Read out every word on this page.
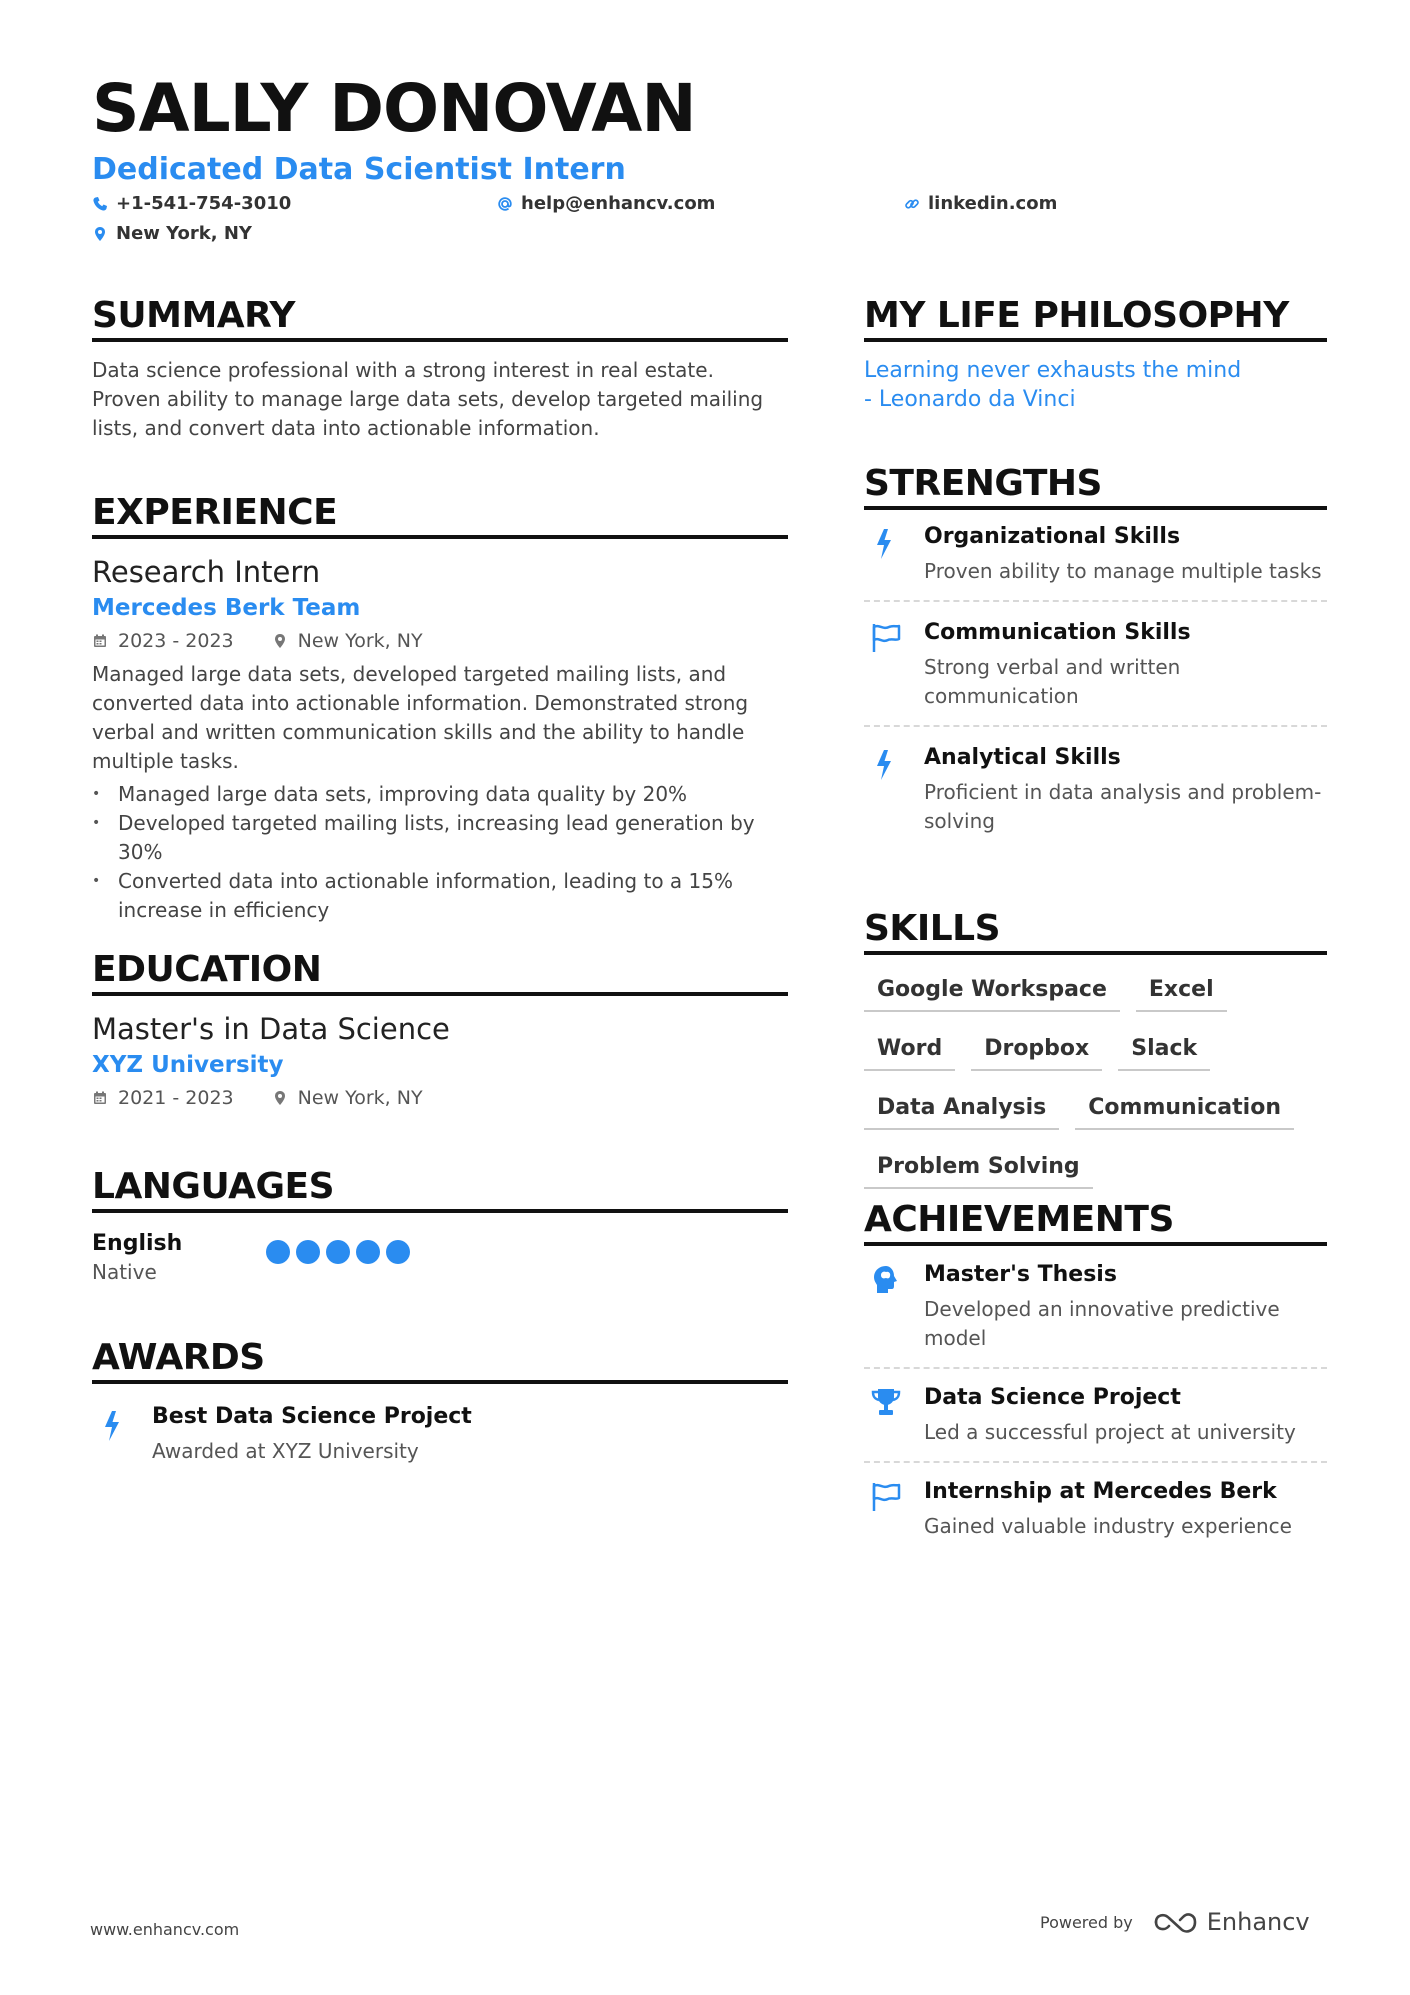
SALLY DONOVAN
Dedicated Data Scientist Intern
+1-541-754-3010	help@enhancv.com	linkedin.com
New York, NY
SUMMARY

Data science professional with a strong interest in real estate. Proven ability to manage large data sets, develop targeted mailing lists, and convert data into actionable information.

EXPERIENCE
Research Intern
Mercedes Berk Team
2023 - 2023	New York, NY

Managed large data sets, developed targeted mailing lists, and converted data into actionable information. Demonstrated strong verbal and written communication skills and the ability to handle multiple tasks.

• Managed large data sets, improving data quality by 20%
• Developed targeted mailing lists, increasing lead generation by 30%
• Converted data into actionable information, leading to a 15% increase in efficiency
EDUCATION
Master's in Data Science
XYZ University
2021 - 2023	New York, NY
LANGUAGES
English
Native
AWARDS
Best Data Science Project
Awarded at XYZ University
MY LIFE PHILOSOPHY
Learning never exhausts the mind - Leonardo da Vinci
STRENGTHS
Organizational Skills
Proven ability to manage multiple tasks
Communication Skills
Strong verbal and written communication
Analytical Skills
Proficient in data analysis and problem-solving
SKILLS
Google Workspace	Excel
Word	Dropbox	Slack
Data Analysis	Communication
Problem Solving
ACHIEVEMENTS
Master's Thesis
Developed an innovative predictive model
Data Science Project
Led a successful project at university
Internship at Mercedes Berk
Gained valuable industry experience
www.enhancv.com	Powered by	Enhancv
